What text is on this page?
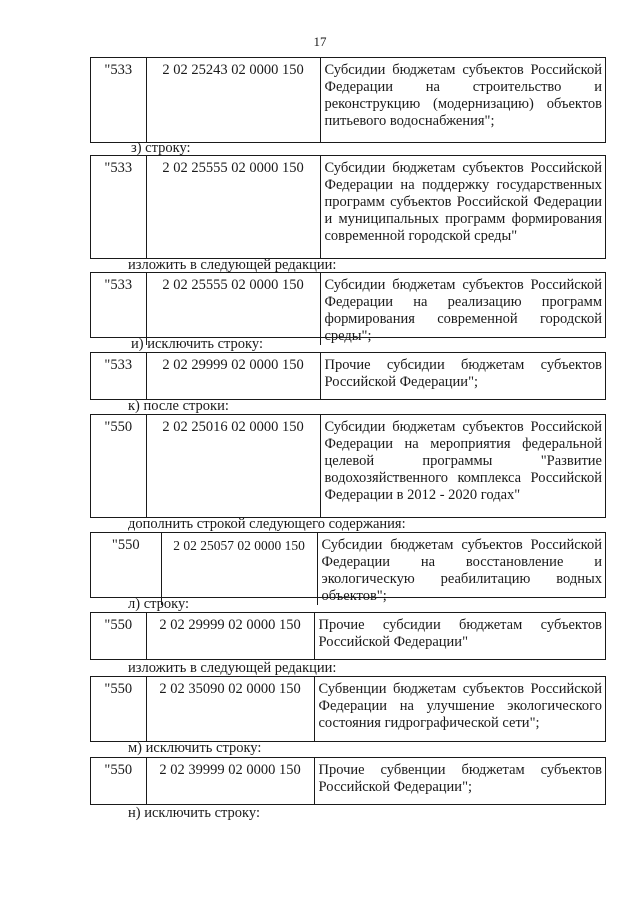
17
"533	2 02 25243 02 0000 150	Субсидии бюджетам субъектов Российской Федерации на строительство и реконструкцию (модернизацию) объектов питьевого водоснабжения";
з) строку:
"533	2 02 25555 02 0000 150	Субсидии бюджетам субъектов Российской Федерации на поддержку государственных программ субъектов Российской Федерации и муниципальных программ формирования современной городской среды"
изложить в следующей редакции:
"533	2 02 25555 02 0000 150	Субсидии бюджетам субъектов Российской Федерации на реализацию программ формирования современной городской среды";
и) исключить строку:
"533	2 02 29999 02 0000 150	Прочие субсидии бюджетам субъектов Российской Федерации";
к) после строки:
"550	2 02 25016 02 0000 150	Субсидии бюджетам субъектов Российской Федерации на мероприятия федеральной целевой программы "Развитие водохозяйственного комплекса Российской Федерации в 2012 - 2020 годах"
дополнить строкой следующего содержания:
"550	2 02 25057 02 0000 150	Субсидии бюджетам субъектов Российской Федерации на восстановление и экологическую реабилитацию водных объектов";
л) строку:
"550	2 02 29999 02 0000 150	Прочие субсидии бюджетам субъектов Российской Федерации"
изложить в следующей редакции:
"550	2 02 35090 02 0000 150	Субвенции бюджетам субъектов Российской Федерации на улучшение экологического состояния гидрографической сети";
м) исключить строку:
"550	2 02 39999 02 0000 150	Прочие субвенции бюджетам субъектов Российской Федерации";
н) исключить строку:
